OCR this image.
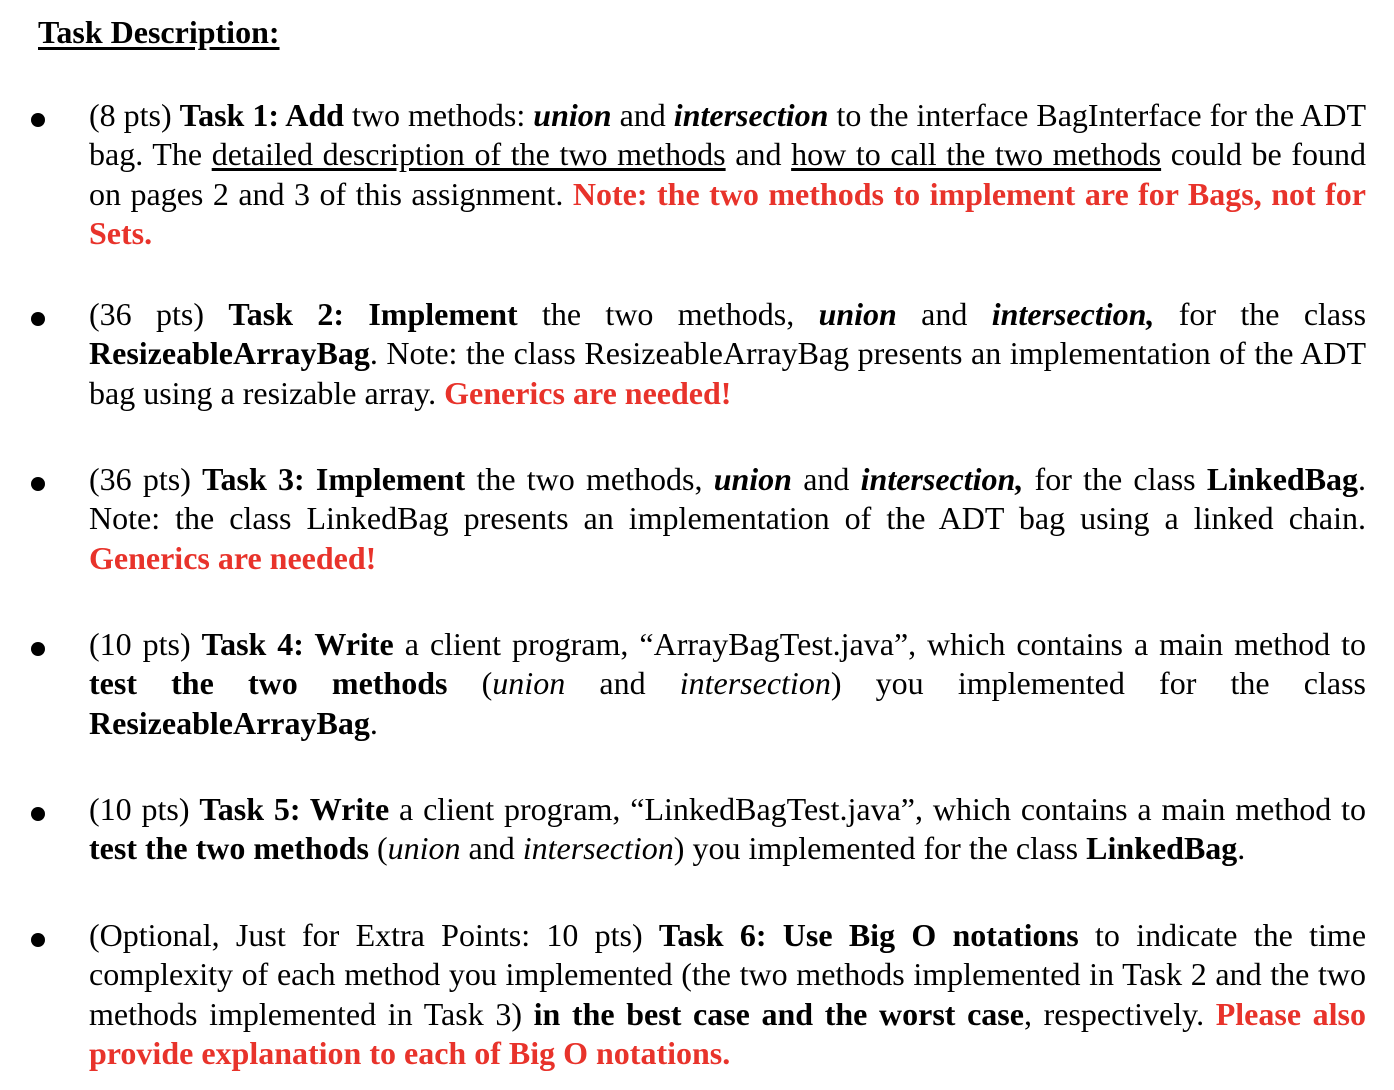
Task Description:
(8 pts) Task 1: Add two methods: union and intersection to the interface BagInterface for the ADT bag. The detailed description of the two methods and how to call the two methods could be found on pages 2 and 3 of this assignment. Note: the two methods to implement are for Bags, not for Sets.
(36 pts) Task 2: Implement the two methods, union and intersection, for the class ResizeableArrayBag. Note: the class ResizeableArrayBag presents an implementation of the ADT bag using a resizable array. Generics are needed!
(36 pts) Task 3: Implement the two methods, union and intersection, for the class LinkedBag. Note: the class LinkedBag presents an implementation of the ADT bag using a linked chain. Generics are needed!
(10 pts) Task 4: Write a client program, “ArrayBagTest.java”, which contains a main method to test the two methods (union and intersection) you implemented for the class ResizeableArrayBag.
(10 pts) Task 5: Write a client program, “LinkedBagTest.java”, which contains a main method to test the two methods (union and intersection) you implemented for the class LinkedBag.
(Optional, Just for Extra Points: 10 pts) Task 6: Use Big O notations to indicate the time complexity of each method you implemented (the two methods implemented in Task 2 and the two methods implemented in Task 3) in the best case and the worst case, respectively. Please also provide explanation to each of Big O notations.
